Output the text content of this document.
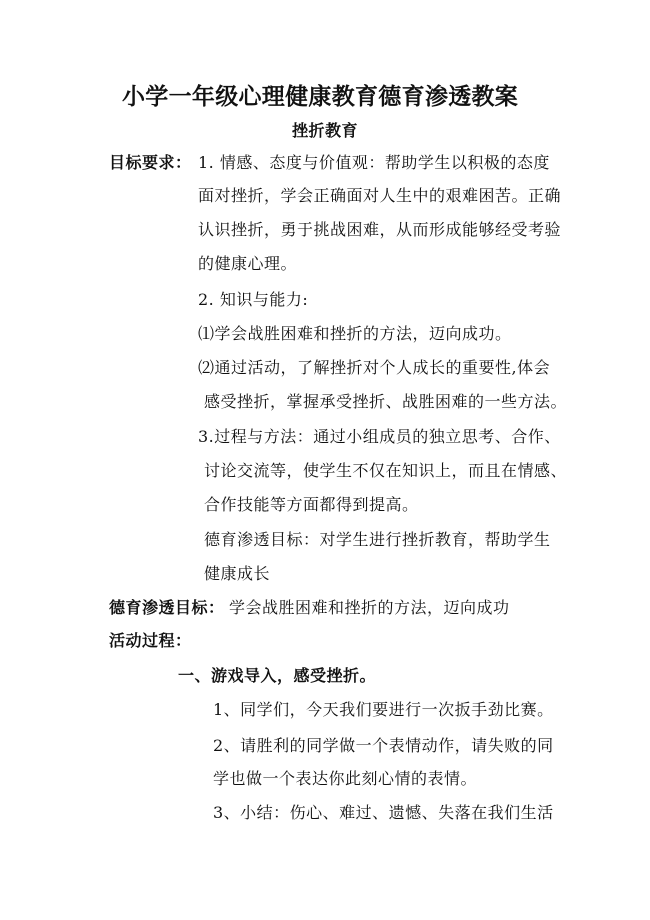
小学一年级心理健康教育德育渗透教案
挫折教育
目标要求： 1. 情感、态度与价值观：帮助学生以积极的态度
面对挫折，学会正确面对人生中的艰难困苦。正确
认识挫折，勇于挑战困难，从而形成能够经受考验
的健康心理。
2. 知识与能力:
⑴学会战胜困难和挫折的方法，迈向成功。
⑵通过活动，了解挫折对个人成长的重要性,体会
感受挫折，掌握承受挫折、战胜困难的一些方法。
3.过程与方法：通过小组成员的独立思考、合作、
讨论交流等，使学生不仅在知识上，而且在情感、
合作技能等方面都得到提高。
德育渗透目标：对学生进行挫折教育，帮助学生
健康成长
德育渗透目标： 学会战胜困难和挫折的方法，迈向成功
活动过程：
一、游戏导入，感受挫折。
1、同学们，今天我们要进行一次扳手劲比赛。
2、请胜利的同学做一个表情动作，请失败的同
学也做一个表达你此刻心情的表情。
3、小结：伤心、难过、遗憾、失落在我们生活
